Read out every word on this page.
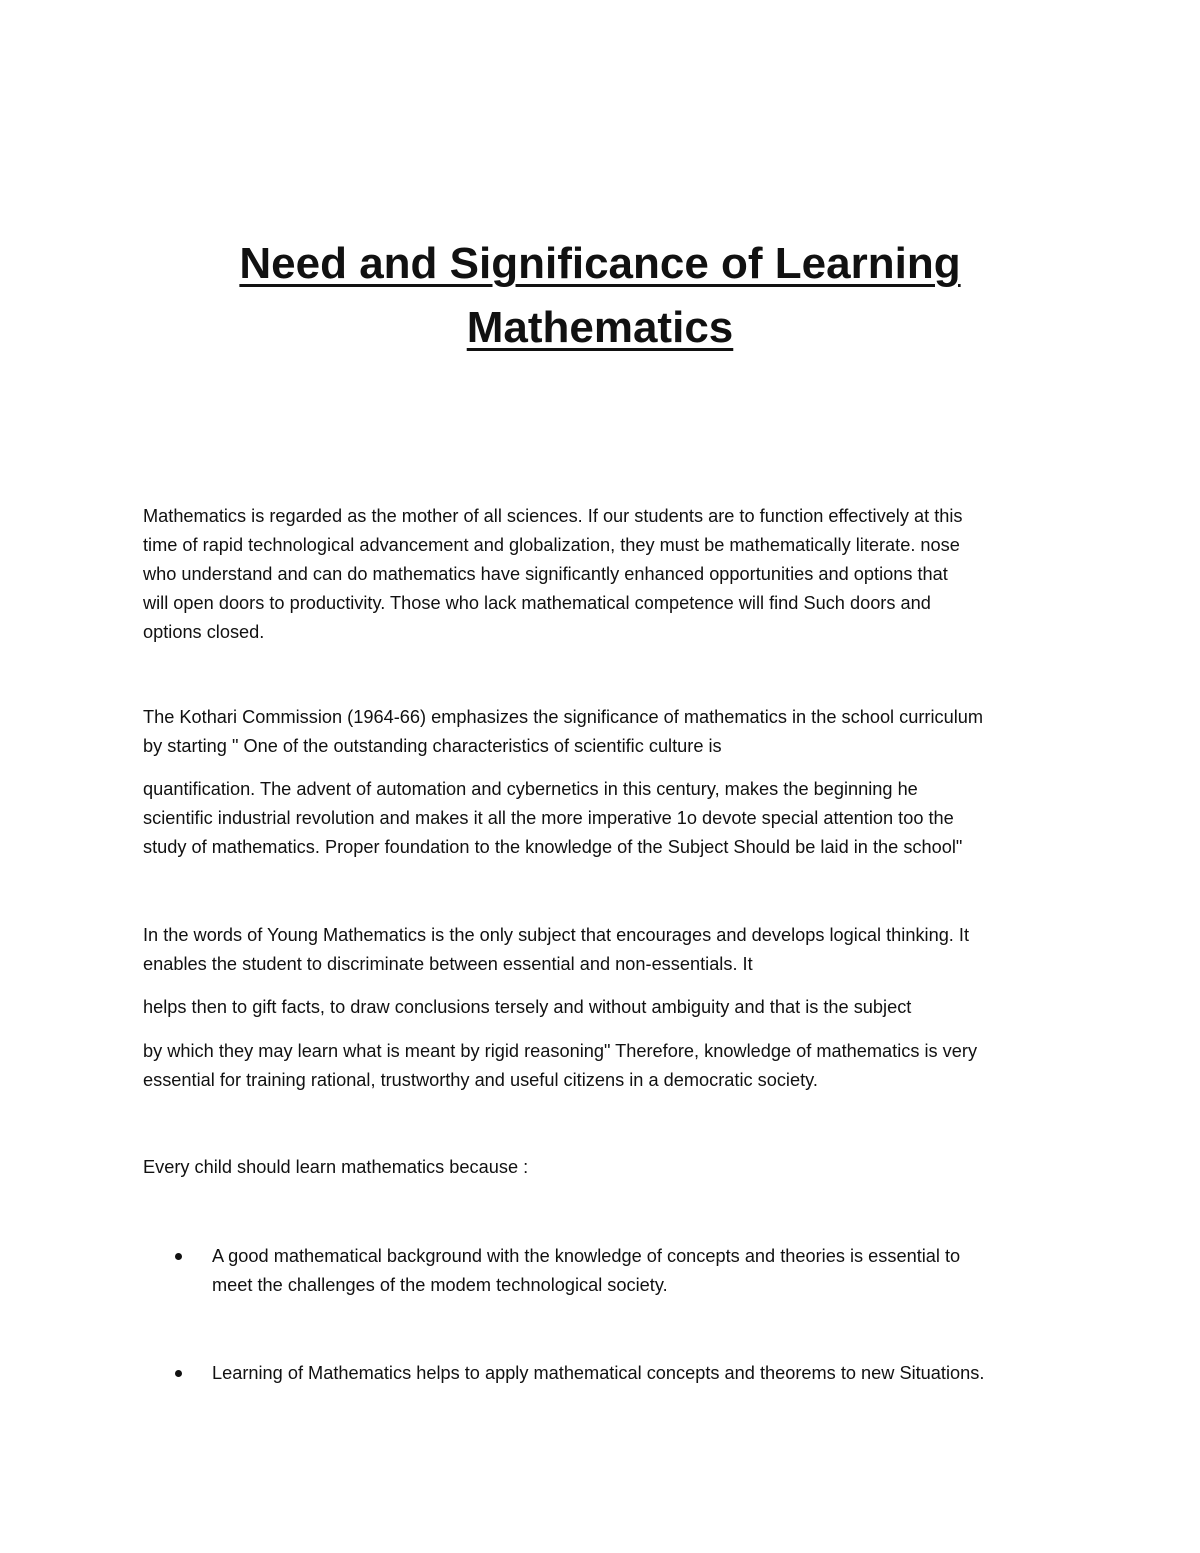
Need and Significance of Learning
Mathematics

Mathematics is regarded as the mother of all sciences. If our students are to function effectively at this
time of rapid technological advancement and globalization, they must be mathematically literate. nose
who understand and can do mathematics have significantly enhanced opportunities and options that
will open doors to productivity. Those who lack mathematical competence will find Such doors and
options closed.

The Kothari Commission (1964-66) emphasizes the significance of mathematics in the school curriculum
by starting " One of the outstanding characteristics of scientific culture is

quantification. The advent of automation and cybernetics in this century, makes the beginning he
scientific industrial revolution and makes it all the more imperative 1o devote special attention too the
study of mathematics. Proper foundation to the knowledge of the Subject Should be laid in the school"

In the words of Young Mathematics is the only subject that encourages and develops logical thinking. It
enables the student to discriminate between essential and non-essentials. It

helps then to gift facts, to draw conclusions tersely and without ambiguity and that is the subject

by which they may learn what is meant by rigid reasoning" Therefore, knowledge of mathematics is very
essential for training rational, trustworthy and useful citizens in a democratic society.

Every child should learn mathematics because :

A good mathematical background with the knowledge of concepts and theories is essential to
meet the challenges of the modem technological society.
Learning of Mathematics helps to apply mathematical concepts and theorems to new Situations.
